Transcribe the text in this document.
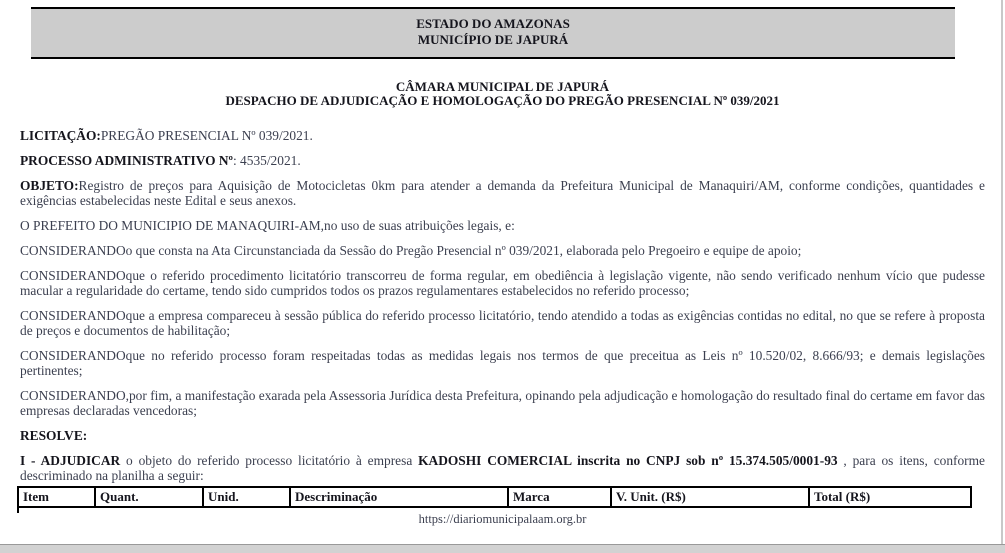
ESTADO DO AMAZONAS
MUNICÍPIO DE JAPURÁ
CÂMARA MUNICIPAL DE JAPURÁ
DESPACHO DE ADJUDICAÇÃO E HOMOLOGAÇÃO DO PREGÃO PRESENCIAL Nº 039/2021

LICITAÇÃO:PREGÃO PRESENCIAL Nº 039/2021.

PROCESSO ADMINISTRATIVO Nº: 4535/2021.

OBJETO:Registro de preços para Aquisição de Motocicletas 0km para atender a demanda da Prefeitura Municipal de Manaquiri/AM, conforme condições, quantidades e exigências estabelecidas neste Edital e seus anexos.

O PREFEITO DO MUNICIPIO DE MANAQUIRI-AM,no uso de suas atribuições legais, e:

CONSIDERANDOo que consta na Ata Circunstanciada da Sessão do Pregão Presencial nº 039/2021, elaborada pelo Pregoeiro e equipe de apoio;

CONSIDERANDOque o referido procedimento licitatório transcorreu de forma regular, em obediência à legislação vigente, não sendo verificado nenhum vício que pudesse macular a regularidade do certame, tendo sido cumpridos todos os prazos regulamentares estabelecidos no referido processo;

CONSIDERANDOque a empresa compareceu à sessão pública do referido processo licitatório, tendo atendido a todas as exigências contidas no edital, no que se refere à proposta de preços e documentos de habilitação;

CONSIDERANDOque no referido processo foram respeitadas todas as medidas legais nos termos de que preceitua as Leis nº 10.520/02, 8.666/93; e demais legislações pertinentes;

CONSIDERANDO,por fim, a manifestação exarada pela Assessoria Jurídica desta Prefeitura, opinando pela adjudicação e homologação do resultado final do certame em favor das empresas declaradas vencedoras;

RESOLVE:

I - ADJUDICAR o objeto do referido processo licitatório à empresa KADOSHI COMERCIAL inscrita no CNPJ sob nº 15.374.505/0001-93 , para os itens, conforme descriminado na planilha a seguir:

Item	Quant.	Unid.	Descriminação	Marca	V. Unit. (R$)	Total (R$)
https://diariomunicipalaam.org.br
